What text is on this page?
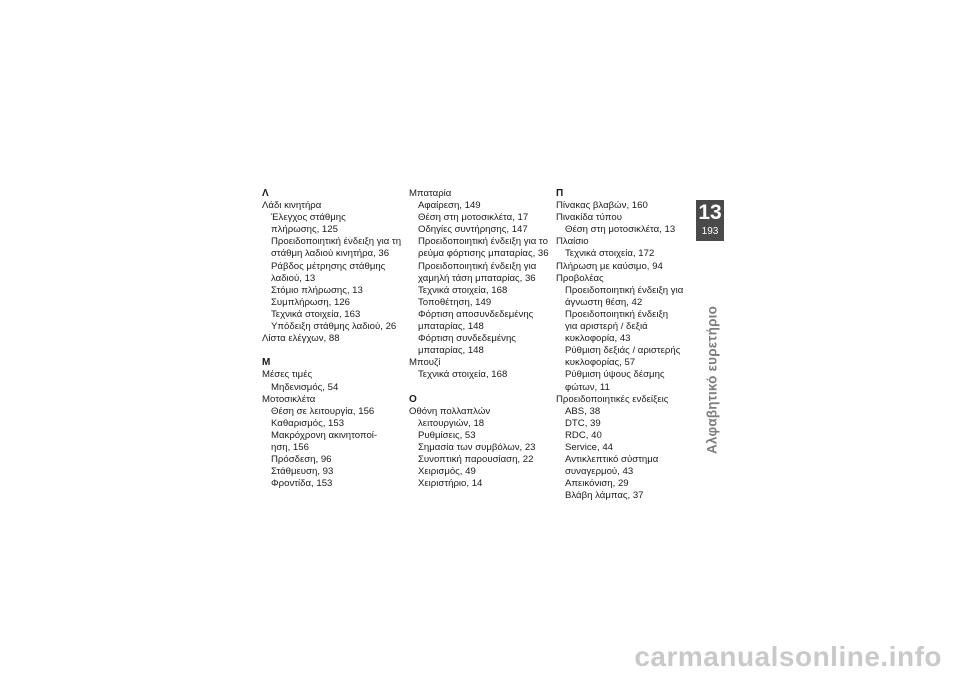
Λ
Λάδι κινητήρα
Έλεγχος στάθμης
πλήρωσης, 125
Προειδοποιητική ένδειξη για τη
στάθμη λαδιού κινητήρα, 36
Ράβδος μέτρησης στάθμης
λαδιού, 13
Στόμιο πλήρωσης, 13
Συμπλήρωση, 126
Τεχνικά στοιχεία, 163
Υπόδειξη στάθμης λαδιού, 26
Λίστα ελέγχων, 88
Μ
Μέσες τιμές
Μηδενισμός, 54
Μοτοσικλέτα
Θέση σε λειτουργία, 156
Καθαρισμός, 153
Μακρόχρονη ακινητοποί-
ηση, 156
Πρόσδεση, 96
Στάθμευση, 93
Φροντίδα, 153
Μπαταρία
Αφαίρεση, 149
Θέση στη μοτοσικλέτα, 17
Οδηγίες συντήρησης, 147
Προειδοποιητική ένδειξη για το
ρεύμα φόρτισης μπαταρίας, 36
Προειδοποιητική ένδειξη για
χαμηλή τάση μπαταρίας, 36
Τεχνικά στοιχεία, 168
Τοποθέτηση, 149
Φόρτιση αποσυνδεδεμένης
μπαταρίας, 148
Φόρτιση συνδεδεμένης
μπαταρίας, 148
Μπουζί
Τεχνικά στοιχεία, 168
Ο
Οθόνη πολλαπλών
λειτουργιών, 18
Ρυθμίσεις, 53
Σημασία των συμβόλων, 23
Συνοπτική παρουσίαση, 22
Χειρισμός, 49
Χειριστήριο, 14
Π
Πίνακας βλαβών, 160
Πινακίδα τύπου
Θέση στη μοτοσικλέτα, 13
Πλαίσιο
Τεχνικά στοιχεία, 172
Πλήρωση με καύσιμο, 94
Προβολέας
Προειδοποιητική ένδειξη για
άγνωστη θέση, 42
Προειδοποιητική ένδειξη
για αριστερή / δεξιά
κυκλοφορία, 43
Ρύθμιση δεξιάς / αριστερής
κυκλοφορίας, 57
Ρύθμιση ύψους δέσμης
φώτων, 11
Προειδοποιητικές ενδείξεις
ABS, 38
DTC, 39
RDC, 40
Service, 44
Αντικλεπτικό σύστημα
συναγερμού, 43
Απεικόνιση, 29
Βλάβη λάμπας, 37
13
193
Αλφαβητικό ευρετήριο
carmanualsonline.info
